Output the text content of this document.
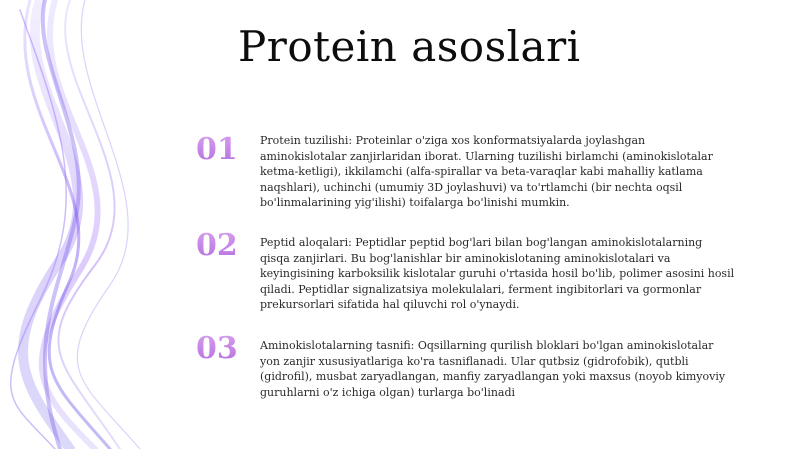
Protein asoslari
01 Protein tuzilishi: Proteinlar o'ziga xos konformatsiyalarda joylashgan aminokislotalar zanjirlaridan iborat. Ularning tuzilishi birlamchi (aminokislotalar ketma-ketligi), ikkilamchi (alfa-spirallar va beta-varaqlar kabi mahalliy katlama naqshlari), uchinchi (umumiy 3D joylashuvi) va to'rtlamchi (bir nechta oqsil bo'linmalarining yig'ilishi) toifalarga bo'linishi mumkin.
02 Peptid aloqalari: Peptidlar peptid bog'lari bilan bog'langan aminokislotalarning qisqa zanjirlari. Bu bog'lanishlar bir aminokislotaning aminokislotalari va keyingisining karboksilik kislotalar guruhi o'rtasida hosil bo'lib, polimer asosini hosil qiladi. Peptidlar signalizatsiya molekulalari, ferment ingibitorlari va gormonlar prekursorlari sifatida hal qiluvchi rol o'ynaydi.
03 Aminokislotalarning tasnifi: Oqsillarning qurilish bloklari bo'lgan aminokislotalar yon zanjir xususiyatlariga ko'ra tasniflanadi. Ular qutbsiz (gidrofobik), qutbli (gidrofil), musbat zaryadlangan, manfiy zaryadlangan yoki maxsus (noyob kimyoviy guruhlarni o'z ichiga olgan) turlarga bo'linadi
